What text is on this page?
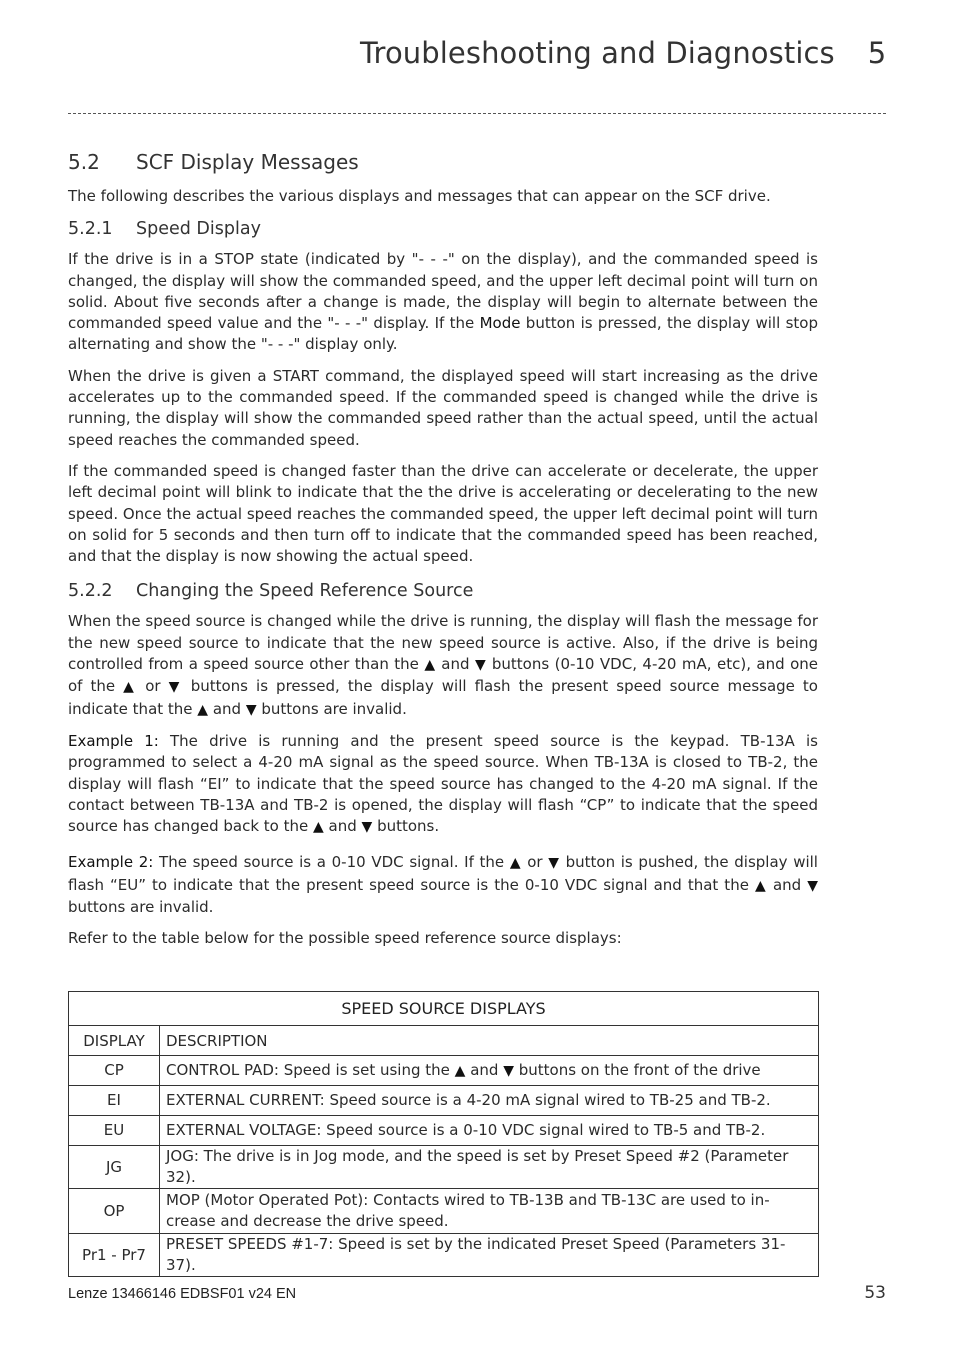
Troubleshooting and Diagnostics 5
5.2 SCF Display Messages

The following describes the various displays and messages that can appear on the SCF drive.

5.2.1 Speed Display

If the drive is in a STOP state (indicated by "- - -" on the display), and the commanded speed is changed, the display will show the commanded speed, and the upper left decimal point will turn on solid. About five seconds after a change is made, the display will begin to alternate between the commanded speed value and the "- - -" display. If the Mode button is pressed, the display will stop alternating and show the "- - -" display only.

When the drive is given a START command, the displayed speed will start increasing as the drive accelerates up to the commanded speed. If the commanded speed is changed while the drive is running, the display will show the commanded speed rather than the actual speed, until the actual speed reaches the commanded speed.

If the commanded speed is changed faster than the drive can accelerate or decelerate, the upper left decimal point will blink to indicate that the the drive is accelerating or decelerating to the new speed. Once the actual speed reaches the commanded speed, the upper left decimal point will turn on solid for 5 seconds and then turn off to indicate that the commanded speed has been reached, and that the display is now showing the actual speed.

5.2.2 Changing the Speed Reference Source

When the speed source is changed while the drive is running, the display will flash the message for the new speed source to indicate that the new speed source is active. Also, if the drive is being controlled from a speed source other than the ▲ and ▼ buttons (0-10 VDC, 4-20 mA, etc), and one of the ▲ or ▼ buttons is pressed, the display will flash the present speed source message to indicate that the ▲ and ▼ buttons are invalid.

Example 1: The drive is running and the present speed source is the keypad. TB-13A is programmed to select a 4-20 mA signal as the speed source. When TB-13A is closed to TB-2, the display will flash “EI” to indicate that the speed source has changed to the 4-20 mA signal. If the contact between TB-13A and TB-2 is opened, the display will flash “CP” to indicate that the speed source has changed back to the ▲ and ▼ buttons.

Example 2: The speed source is a 0-10 VDC signal. If the ▲ or ▼ button is pushed, the display will flash “EU” to indicate that the present speed source is the 0-10 VDC signal and that the ▲ and ▼ buttons are invalid.

Refer to the table below for the possible speed reference source displays:

SPEED SOURCE DISPLAYS	
DISPLAY	DESCRIPTION
CP	CONTROL PAD: Speed is set using the ▲ and ▼ buttons on the front of the drive
EI	EXTERNAL CURRENT: Speed source is a 4-20 mA signal wired to TB-25 and TB-2.
EU	EXTERNAL VOLTAGE: Speed source is a 0-10 VDC signal wired to TB-5 and TB-2.
JG	JOG: The drive is in Jog mode, and the speed is set by Preset Speed #2 (Parameter 32).
OP	MOP (Motor Operated Pot): Contacts wired to TB-13B and TB-13C are used to in-crease and decrease the drive speed.
Pr1 - Pr7	PRESET SPEEDS #1-7: Speed is set by the indicated Preset Speed (Parameters 31-37).
Lenze 13466146 EDBSF01 v24 EN	53
